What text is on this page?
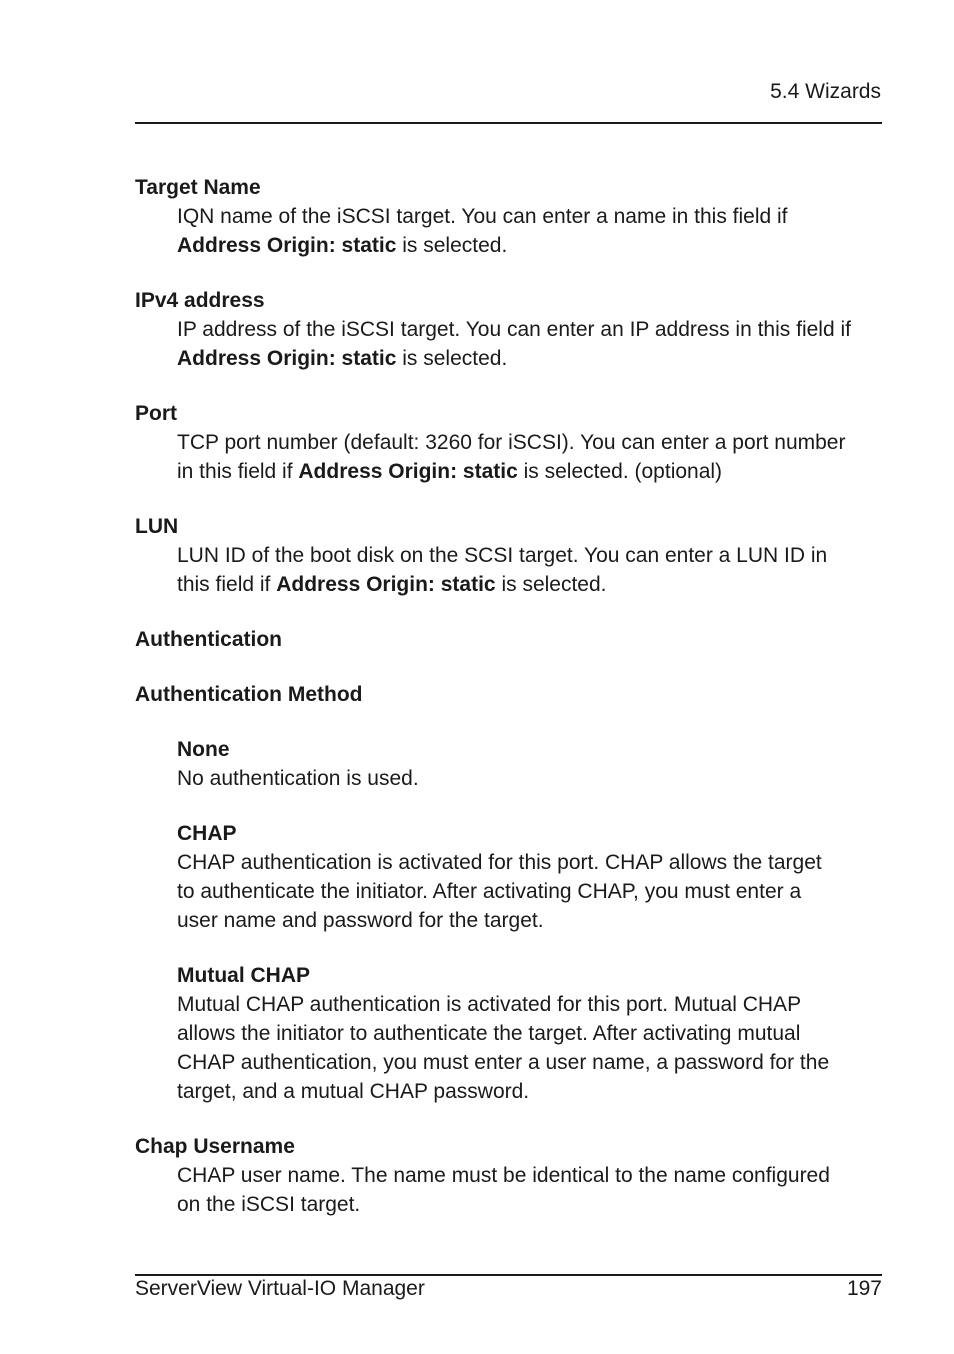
5.4 Wizards

Target Name

IQN name of the iSCSI target. You can enter a name in this field if
Address Origin: static is selected.

IPv4 address

IP address of the iSCSI target. You can enter an IP address in this field if
Address Origin: static is selected.

Port

TCP port number (default: 3260 for iSCSI). You can enter a port number
in this field if Address Origin: static is selected. (optional)

LUN

LUN ID of the boot disk on the SCSI target. You can enter a LUN ID in
this field if Address Origin: static is selected.

Authentication

Authentication Method

None

No authentication is used.

CHAP

CHAP authentication is activated for this port. CHAP allows the target
to authenticate the initiator. After activating CHAP, you must enter a
user name and password for the target.

Mutual CHAP

Mutual CHAP authentication is activated for this port. Mutual CHAP
allows the initiator to authenticate the target. After activating mutual
CHAP authentication, you must enter a user name, a password for the
target, and a mutual CHAP password.

Chap Username

CHAP user name. The name must be identical to the name configured
on the iSCSI target.

ServerView Virtual-IO Manager	197
